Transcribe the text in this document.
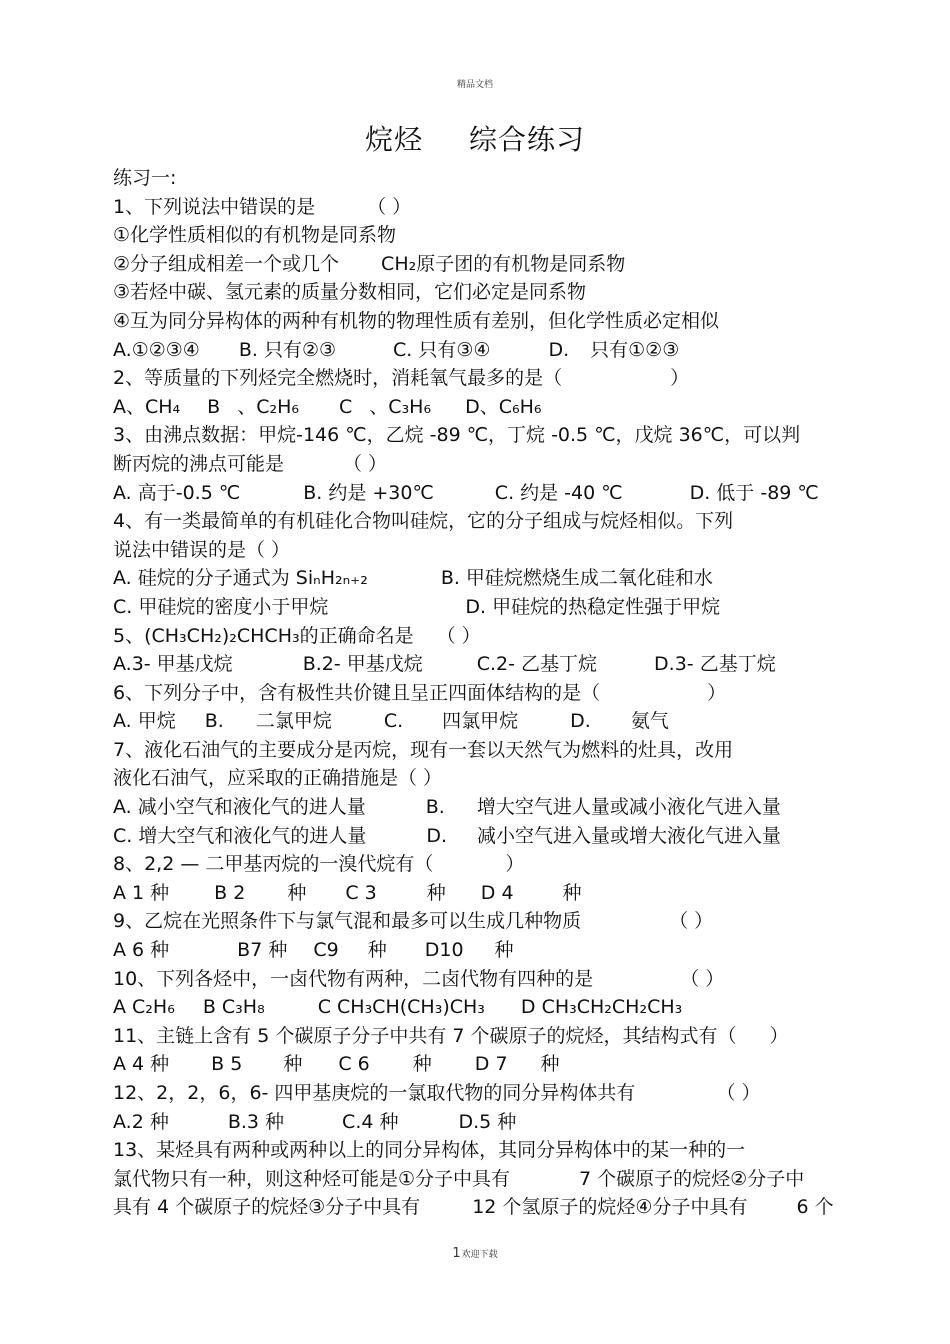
精品文档
烷烃 综合练习
练习一:
1、下列说法中错误的是	（ ）
①化学性质相似的有机物是同系物
②分子组成相差一个或几个 CH₂原子团的有机物是同系物
③若烃中碳、氢元素的质量分数相同，它们必定是同系物
④互为同分异构体的两种有机物的物理性质有差别，但化学性质必定相似
A.①②③④ B. 只有②③	C. 只有③④	D. 只有①②③
2、等质量的下列烃完全燃烧时，消耗氧气最多的是（	）
A、CH₄ B 、C₂H₆ C 、C₃H₆ D、C₆H₆
3、由沸点数据：甲烷-146 ℃，乙烷 -89 ℃，丁烷 -0.5 ℃，戊烷 36℃，可以判
断丙烷的沸点可能是	（ ）
A. 高于-0.5 ℃	B. 约是 +30℃	C. 约是 -40 ℃	D. 低于 -89 ℃
4、有一类最简单的有机硅化合物叫硅烷，它的分子组成与烷烃相似。下列
说法中错误的是（ ）
A. 硅烷的分子通式为 SiₙH₂ₙ₊₂	B. 甲硅烷燃烧生成二氧化硅和水
C. 甲硅烷的密度小于甲烷	D. 甲硅烷的热稳定性强于甲烷
5、(CH₃CH₂)₂CHCH₃的正确命名是 （ ）
A.3- 甲基戊烷	B.2- 甲基戊烷	C.2- 乙基丁烷	D.3- 乙基丁烷
6、下列分子中，含有极性共价键且呈正四面体结构的是（	）
A. 甲烷 B. 二氯甲烷	C. 四氯甲烷	D. 氨气
7、液化石油气的主要成分是丙烷，现有一套以天然气为燃料的灶具，改用
液化石油气，应采取的正确措施是（ ）
A. 减小空气和液化气的进人量	B. 增大空气进人量或减小液化气进入量
C. 增大空气和液化气的进人量	D. 减小空气进入量或增大液化气进入量
8、2,2 — 二甲基丙烷的一溴代烷有（	）
A 1 种 B 2 种 C 3	种 D 4	种
9、乙烷在光照条件下与氯气混和最多可以生成几种物质	（ ）
A 6 种	B7 种 C9 种 D10 种
10、下列各烃中，一卤代物有两种，二卤代物有四种的是	（ ）
A C₂H₆ B C₃H₈	C CH₃CH(CH₃)CH₃ D CH₃CH₂CH₂CH₃
11、主链上含有 5 个碳原子分子中共有 7 个碳原子的烷烃，其结构式有（ ）
A 4 种 B 5 种 C 6 种 D 7 种
12、2，2，6，6- 四甲基庚烷的一氯取代物的同分异构体共有	（ ）
A.2 种	B.3 种	C.4 种	D.5 种
13、某烃具有两种或两种以上的同分异构体，其同分异构体中的某一种的一
氯代物只有一种，则这种烃可能是①分子中具有	7 个碳原子的烷烃②分子中
具有 4 个碳原子的烷烃③分子中具有	12 个氢原子的烷烃④分子中具有	6 个
1欢迎下载
